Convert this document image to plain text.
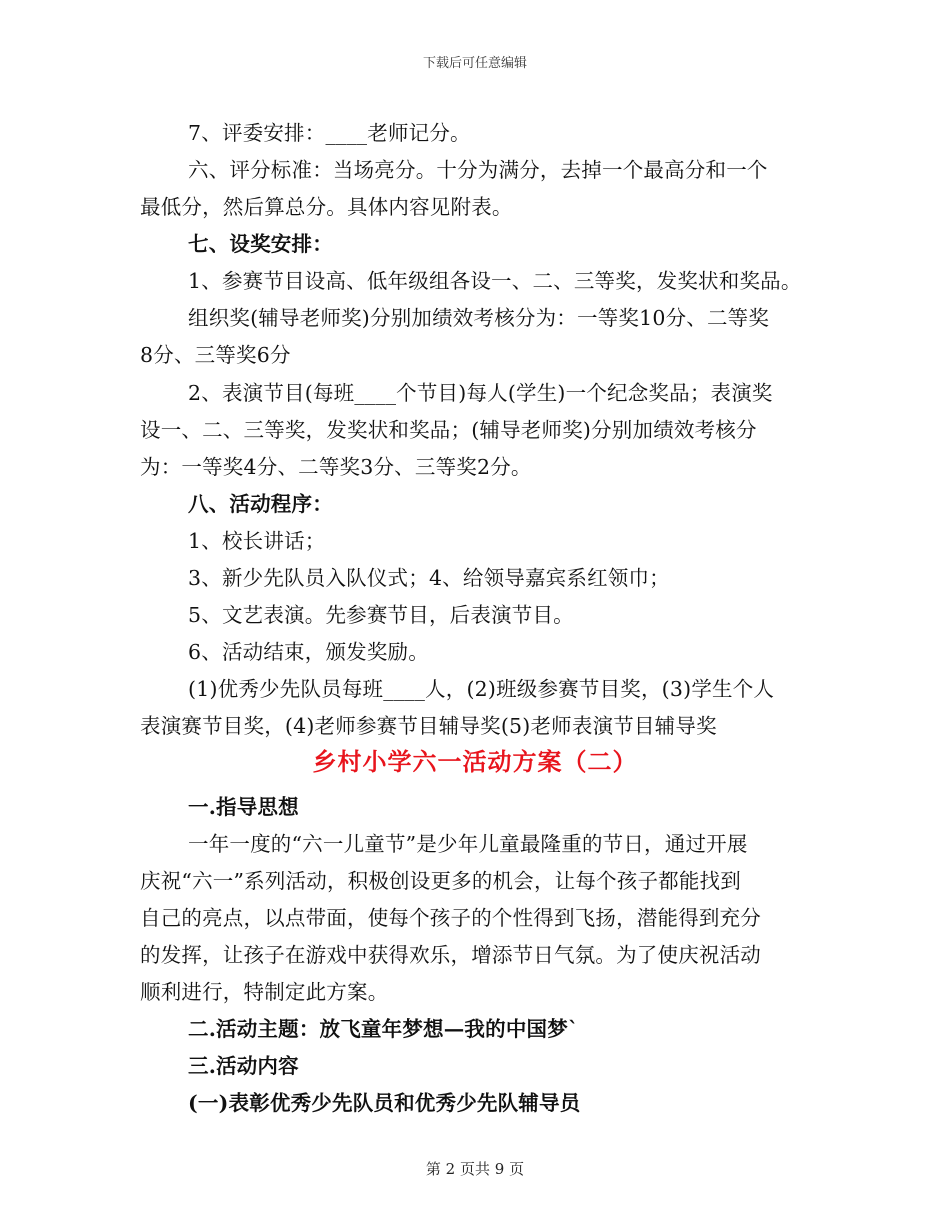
下载后可任意编辑
7、评委安排：____老师记分。
六、评分标准：当场亮分。十分为满分，去掉一个最高分和一个
最低分，然后算总分。具体内容见附表。
七、设奖安排：
1、参赛节目设高、低年级组各设一、二、三等奖，发奖状和奖品。
组织奖(辅导老师奖)分别加绩效考核分为：一等奖10分、二等奖
8分、三等奖6分
2、表演节目(每班____个节目)每人(学生)一个纪念奖品；表演奖
设一、二、三等奖，发奖状和奖品；(辅导老师奖)分别加绩效考核分
为：一等奖4分、二等奖3分、三等奖2分。
八、活动程序：
1、校长讲话；
3、新少先队员入队仪式；4、给领导嘉宾系红领巾；
5、文艺表演。先参赛节目，后表演节目。
6、活动结束，颁发奖励。
(1)优秀少先队员每班____人，(2)班级参赛节目奖，(3)学生个人
表演赛节目奖，(4)老师参赛节目辅导奖(5)老师表演节目辅导奖
乡村小学六一活动方案（二）
一.指导思想
一年一度的“六一儿童节”是少年儿童最隆重的节日，通过开展
庆祝“六一”系列活动，积极创设更多的机会，让每个孩子都能找到
自己的亮点，以点带面，使每个孩子的个性得到飞扬，潜能得到充分
的发挥，让孩子在游戏中获得欢乐，增添节日气氛。为了使庆祝活动
顺利进行，特制定此方案。
二.活动主题：放飞童年梦想—我的中国梦`
三.活动内容
(一)表彰优秀少先队员和优秀少先队辅导员
第 2 页共 9 页
